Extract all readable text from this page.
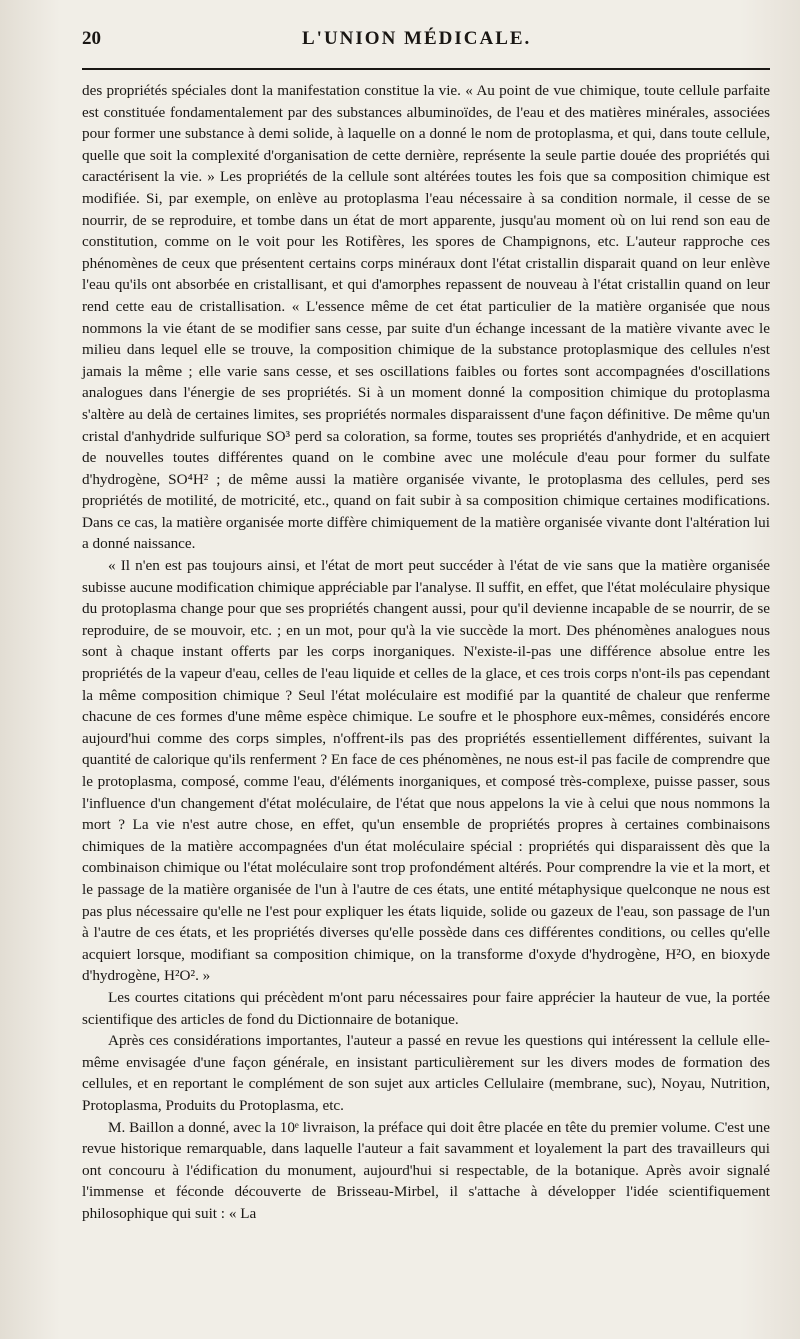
20	L'UNION MÉDICALE.

des propriétés spéciales dont la manifestation constitue la vie. « Au point de vue chimique, toute cellule parfaite est constituée fondamentalement par des substances albuminoïdes, de l'eau et des matières minérales, associées pour former une substance à demi solide, à laquelle on a donné le nom de protoplasma, et qui, dans toute cellule, quelle que soit la complexité d'organisation de cette dernière, représente la seule partie douée des propriétés qui caractérisent la vie. » Les propriétés de la cellule sont altérées toutes les fois que sa composition chimique est modifiée. Si, par exemple, on enlève au protoplasma l'eau nécessaire à sa condition normale, il cesse de se nourrir, de se reproduire, et tombe dans un état de mort apparente, jusqu'au moment où on lui rend son eau de constitution, comme on le voit pour les Rotifères, les spores de Champignons, etc. L'auteur rapproche ces phénomènes de ceux que présentent certains corps minéraux dont l'état cristallin disparait quand on leur enlève l'eau qu'ils ont absorbée en cristallisant, et qui d'amorphes repassent de nouveau à l'état cristallin quand on leur rend cette eau de cristallisation. « L'essence même de cet état particulier de la matière organisée que nous nommons la vie étant de se modifier sans cesse, par suite d'un échange incessant de la matière vivante avec le milieu dans lequel elle se trouve, la composition chimique de la substance protoplasmique des cellules n'est jamais la même ; elle varie sans cesse, et ses oscillations faibles ou fortes sont accompagnées d'oscillations analogues dans l'énergie de ses propriétés. Si à un moment donné la composition chimique du protoplasma s'altère au delà de certaines limites, ses propriétés normales disparaissent d'une façon définitive. De même qu'un cristal d'anhydride sulfurique SO³ perd sa coloration, sa forme, toutes ses propriétés d'anhydride, et en acquiert de nouvelles toutes différentes quand on le combine avec une molécule d'eau pour former du sulfate d'hydrogène, SO⁴H² ; de même aussi la matière organisée vivante, le protoplasma des cellules, perd ses propriétés de motilité, de motricité, etc., quand on fait subir à sa composition chimique certaines modifications. Dans ce cas, la matière organisée morte diffère chimiquement de la matière organisée vivante dont l'altération lui a donné naissance.

« Il n'en est pas toujours ainsi, et l'état de mort peut succéder à l'état de vie sans que la matière organisée subisse aucune modification chimique appréciable par l'analyse. Il suffit, en effet, que l'état moléculaire physique du protoplasma change pour que ses propriétés changent aussi, pour qu'il devienne incapable de se nourrir, de se reproduire, de se mouvoir, etc. ; en un mot, pour qu'à la vie succède la mort. Des phénomènes analogues nous sont à chaque instant offerts par les corps inorganiques. N'existe-il-pas une différence absolue entre les propriétés de la vapeur d'eau, celles de l'eau liquide et celles de la glace, et ces trois corps n'ont-ils pas cependant la même composition chimique ? Seul l'état moléculaire est modifié par la quantité de chaleur que renferme chacune de ces formes d'une même espèce chimique. Le soufre et le phosphore eux-mêmes, considérés encore aujourd'hui comme des corps simples, n'offrent-ils pas des propriétés essentiellement différentes, suivant la quantité de calorique qu'ils renferment ? En face de ces phénomènes, ne nous est-il pas facile de comprendre que le protoplasma, composé, comme l'eau, d'éléments inorganiques, et composé très-complexe, puisse passer, sous l'influence d'un changement d'état moléculaire, de l'état que nous appelons la vie à celui que nous nommons la mort ? La vie n'est autre chose, en effet, qu'un ensemble de propriétés propres à certaines combinaisons chimiques de la matière accompagnées d'un état moléculaire spécial : propriétés qui disparaissent dès que la combinaison chimique ou l'état moléculaire sont trop profondément altérés. Pour comprendre la vie et la mort, et le passage de la matière organisée de l'un à l'autre de ces états, une entité métaphysique quelconque ne nous est pas plus nécessaire qu'elle ne l'est pour expliquer les états liquide, solide ou gazeux de l'eau, son passage de l'un à l'autre de ces états, et les propriétés diverses qu'elle possède dans ces différentes conditions, ou celles qu'elle acquiert lorsque, modifiant sa composition chimique, on la transforme d'oxyde d'hydrogène, H²O, en bioxyde d'hydrogène, H²O². »

Les courtes citations qui précèdent m'ont paru nécessaires pour faire apprécier la hauteur de vue, la portée scientifique des articles de fond du Dictionnaire de botanique.

Après ces considérations importantes, l'auteur a passé en revue les questions qui intéressent la cellule elle-même envisagée d'une façon générale, en insistant particulièrement sur les divers modes de formation des cellules, et en reportant le complément de son sujet aux articles Cellulaire (membrane, suc), Noyau, Nutrition, Protoplasma, Produits du Protoplasma, etc.

M. Baillon a donné, avec la 10ᵉ livraison, la préface qui doit être placée en tête du premier volume. C'est une revue historique remarquable, dans laquelle l'auteur a fait savamment et loyalement la part des travailleurs qui ont concouru à l'édification du monument, aujourd'hui si respectable, de la botanique. Après avoir signalé l'immense et féconde découverte de Brisseau-Mirbel, il s'attache à développer l'idée scientifiquement philosophique qui suit : « La
